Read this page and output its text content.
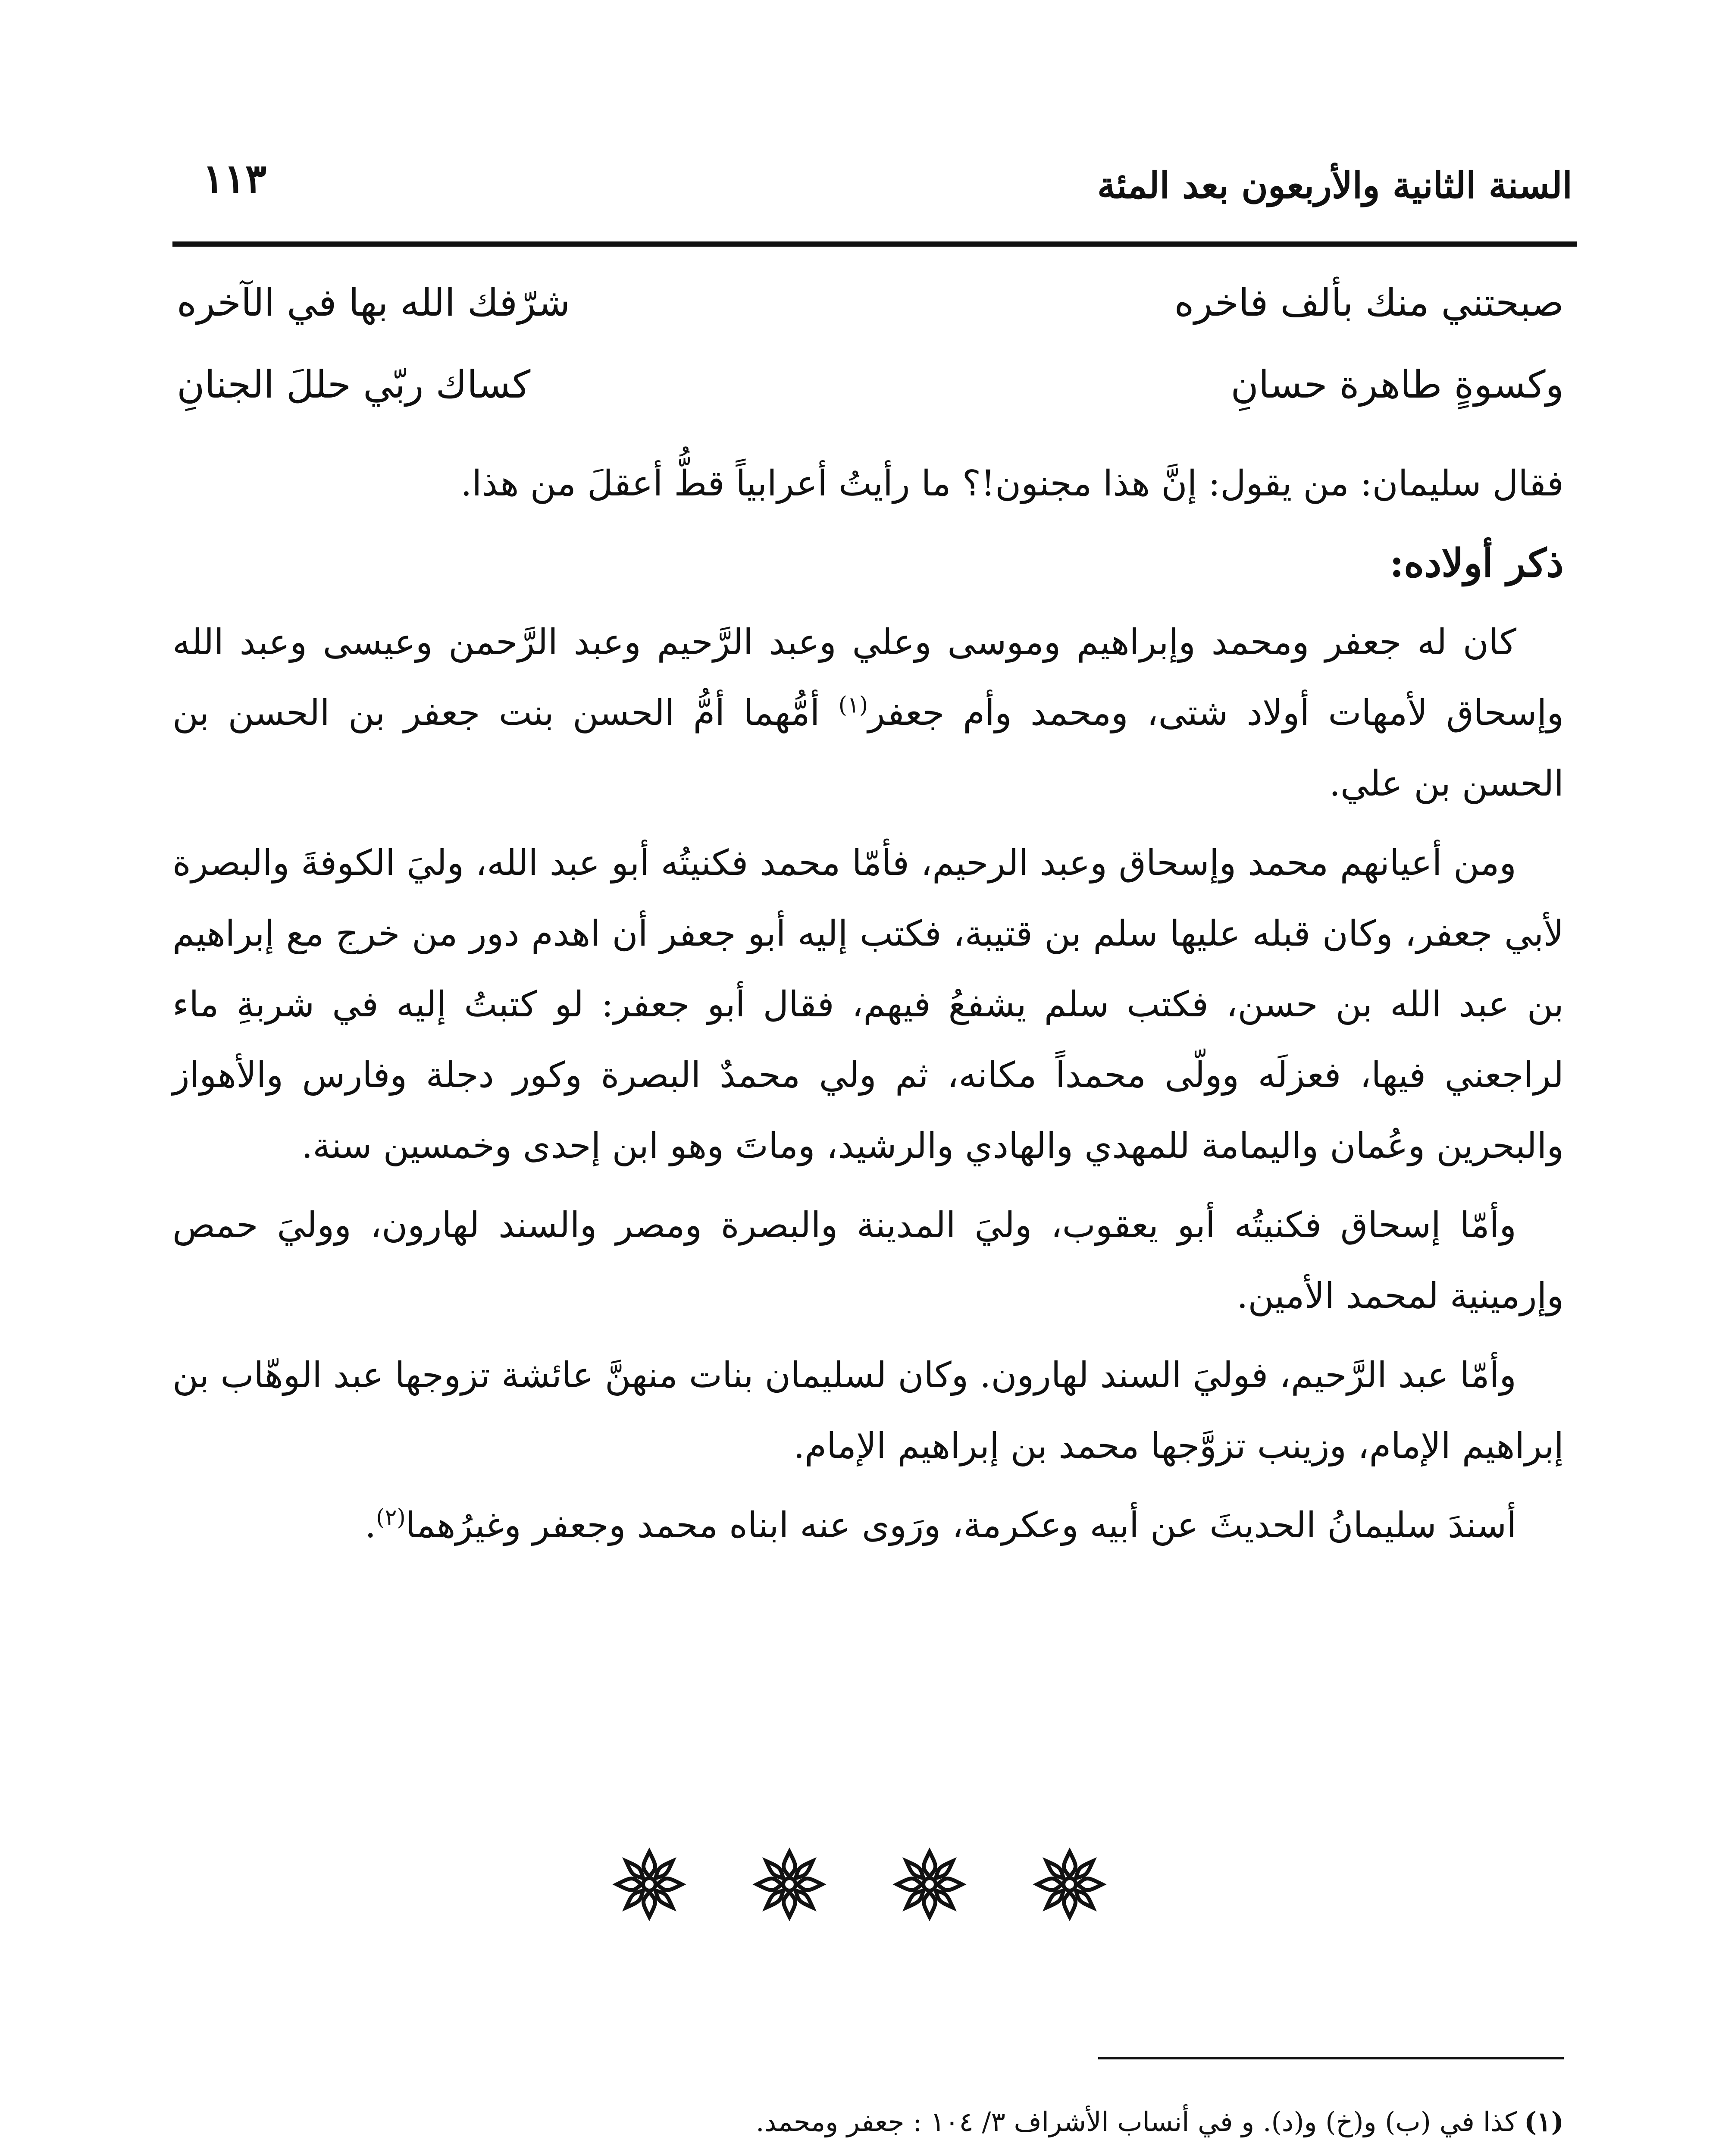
السنة الثانية والأربعون بعد المئة
١١٣
صبحتني منك بألف فاخره
شرّفك الله بها في الآخره
وكسوةٍ طاهرة حسانِ
كساك ربّي حللَ الجنانِ

فقال سليمان: من يقول: إنَّ هذا مجنون!؟ ما رأيتُ أعرابياً قطُّ أعقلَ من هذا.

ذكر أولاده:

كان له جعفر ومحمد وإبراهيم وموسى وعلي وعبد الرَّحيم وعبد الرَّحمن وعيسى وعبد الله وإسحاق لأمهات أولاد شتى، ومحمد وأم جعفر$^{(١)}$ أمُّهما أمُّ الحسن بنت جعفر بن الحسن بن الحسن بن علي.

ومن أعيانهم محمد وإسحاق وعبد الرحيم، فأمّا محمد فكنيتُه أبو عبد الله، وليَ الكوفةَ والبصرة لأبي جعفر، وكان قبله عليها سلم بن قتيبة، فكتب إليه أبو جعفر أن اهدم دور من خرج مع إبراهيم بن عبد الله بن حسن، فكتب سلم يشفعُ فيهم، فقال أبو جعفر: لو كتبتُ إليه في شربةِ ماء لراجعني فيها، فعزلَه وولّى محمداً مكانه، ثم ولي محمدٌ البصرة وكور دجلة وفارس والأهواز والبحرين وعُمان واليمامة للمهدي والهادي والرشيد، وماتَ وهو ابن إحدى وخمسين سنة.

وأمّا إسحاق فكنيتُه أبو يعقوب، وليَ المدينة والبصرة ومصر والسند لهارون، ووليَ حمص وإرمينية لمحمد الأمين.

وأمّا عبد الرَّحيم، فوليَ السند لهارون. وكان لسليمان بنات منهنَّ عائشة تزوجها عبد الوهّاب بن إبراهيم الإمام، وزينب تزوَّجها محمد بن إبراهيم الإمام.

أسندَ سليمانُ الحديثَ عن أبيه وعكرمة، ورَوى عنه ابناه محمد وجعفر وغيرُهما$^{(٢)}$.

(١)كذا في (ب) و(خ) و(د). و في أنساب الأشراف ٣/ ١٠٤ : جعفر ومحمد.
